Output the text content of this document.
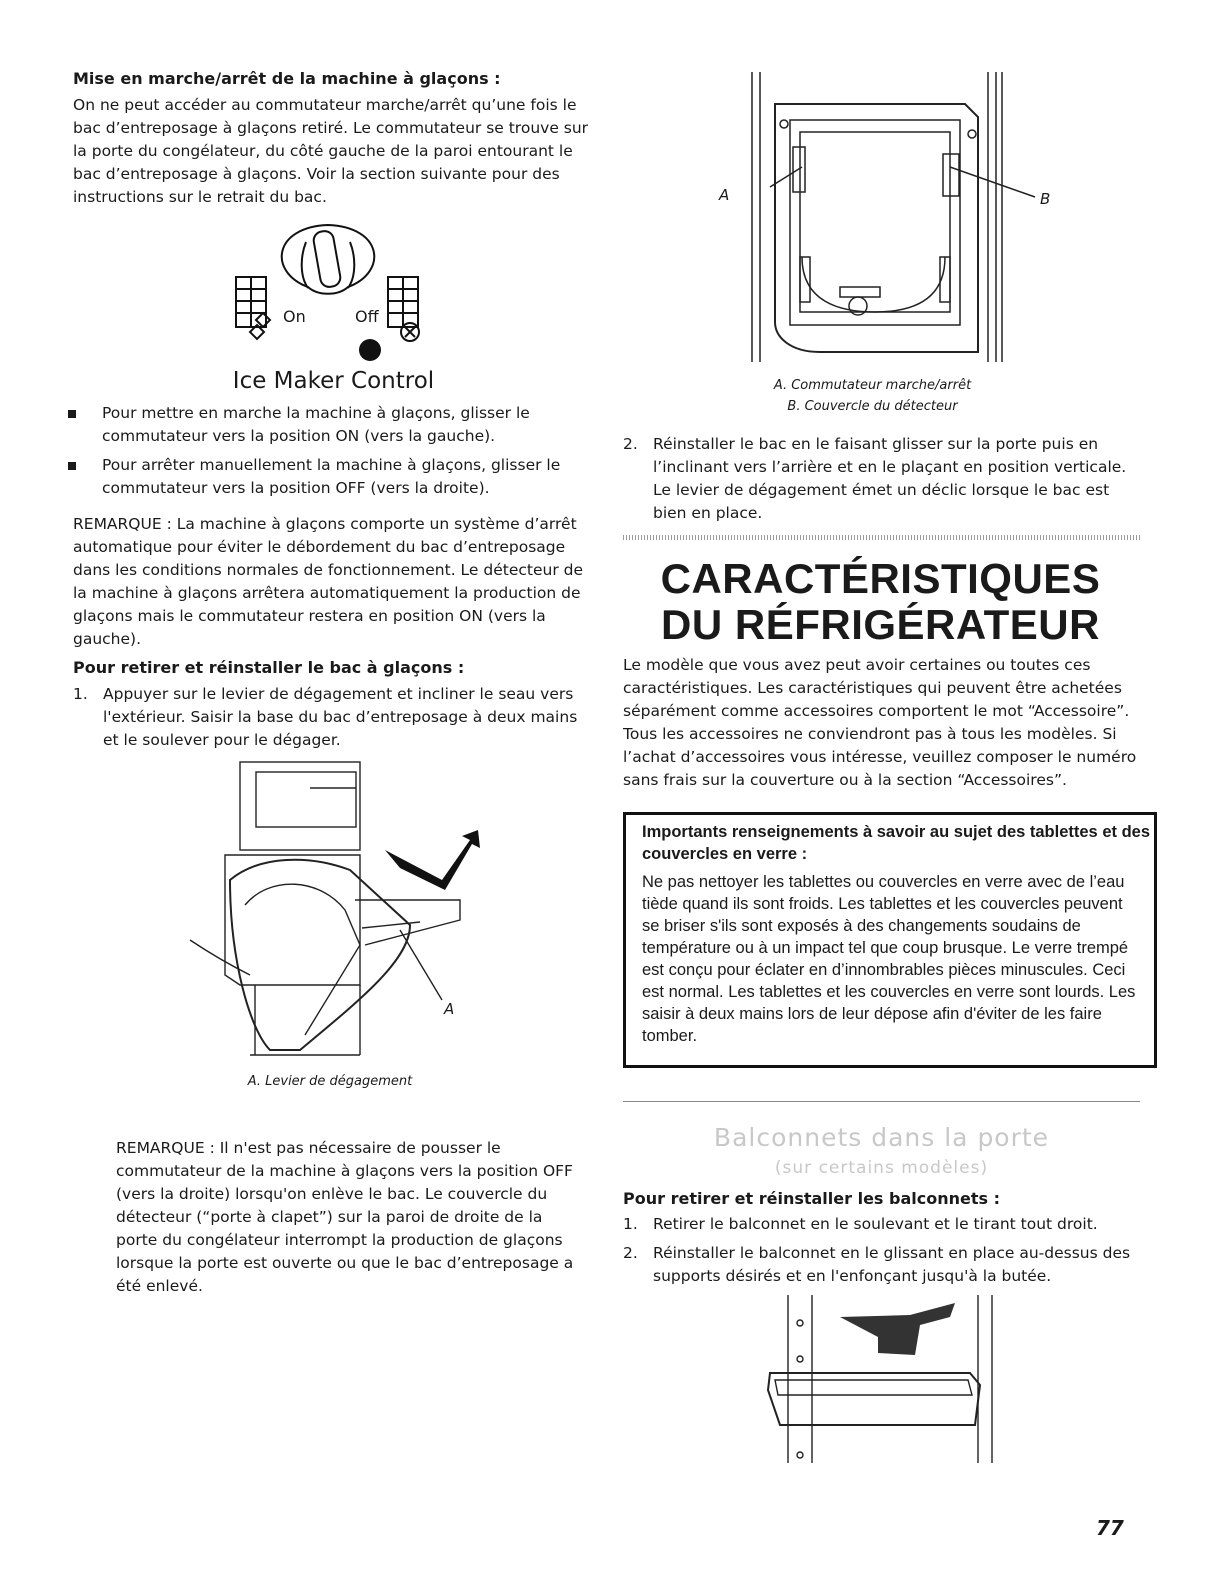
Mise en marche/arrêt de la machine à glaçons :
On ne peut accéder au commutateur marche/arrêt qu’une fois le bac d’entreposage à glaçons retiré. Le commutateur se trouve sur la porte du congélateur, du côté gauche de la paroi entourant le bac d’entreposage à glaçons. Voir la section suivante pour des instructions sur le retrait du bac.
On	Off
Ice Maker Control
Pour mettre en marche la machine à glaçons, glisser le commutateur vers la position ON (vers la gauche).
Pour arrêter manuellement la machine à glaçons, glisser le commutateur vers la position OFF (vers la droite).
REMARQUE : La machine à glaçons comporte un système d’arrêt automatique pour éviter le débordement du bac d’entreposage dans les conditions normales de fonctionnement. Le détecteur de la machine à glaçons arrêtera automatiquement la production de glaçons mais le commutateur restera en position ON (vers la gauche).
Pour retirer et réinstaller le bac à glaçons :
1. Appuyer sur le levier de dégagement et incliner le seau vers l'extérieur. Saisir la base du bac d’entreposage à deux mains et le soulever pour le dégager.
A
A. Levier de dégagement
REMARQUE : Il n'est pas nécessaire de pousser le commutateur de la machine à glaçons vers la position OFF (vers la droite) lorsqu'on enlève le bac. Le couvercle du détecteur (“porte à clapet”) sur la paroi de droite de la porte du congélateur interrompt la production de glaçons lorsque la porte est ouverte ou que le bac d’entreposage a été enlevé.
A	B
A. Commutateur marche/arrêt
B. Couvercle du détecteur
2. Réinstaller le bac en le faisant glisser sur la porte puis en l’inclinant vers l’arrière et en le plaçant en position verticale. Le levier de dégagement émet un déclic lorsque le bac est bien en place.
CARACTÉRISTIQUES
DU RÉFRIGÉRATEUR
Le modèle que vous avez peut avoir certaines ou toutes ces caractéristiques. Les caractéristiques qui peuvent être achetées séparément comme accessoires comportent le mot “Accessoire”. Tous les accessoires ne conviendront pas à tous les modèles. Si l’achat d’accessoires vous intéresse, veuillez composer le numéro sans frais sur la couverture ou à la section “Accessoires”.
Importants renseignements à savoir au sujet des tablettes et des couvercles en verre :
Ne pas nettoyer les tablettes ou couvercles en verre avec de l’eau tiède quand ils sont froids. Les tablettes et les couvercles peuvent se briser s'ils sont exposés à des changements soudains de température ou à un impact tel que coup brusque. Le verre trempé est conçu pour éclater en d’innombrables pièces minuscules. Ceci est normal. Les tablettes et les couvercles en verre sont lourds. Les saisir à deux mains lors de leur dépose afin d'éviter de les faire tomber.
Balconnets dans la porte
(sur certains modèles)
Pour retirer et réinstaller les balconnets :
1. Retirer le balconnet en le soulevant et le tirant tout droit.
2. Réinstaller le balconnet en le glissant en place au-dessus des supports désirés et en l'enfonçant jusqu'à la butée.
77
